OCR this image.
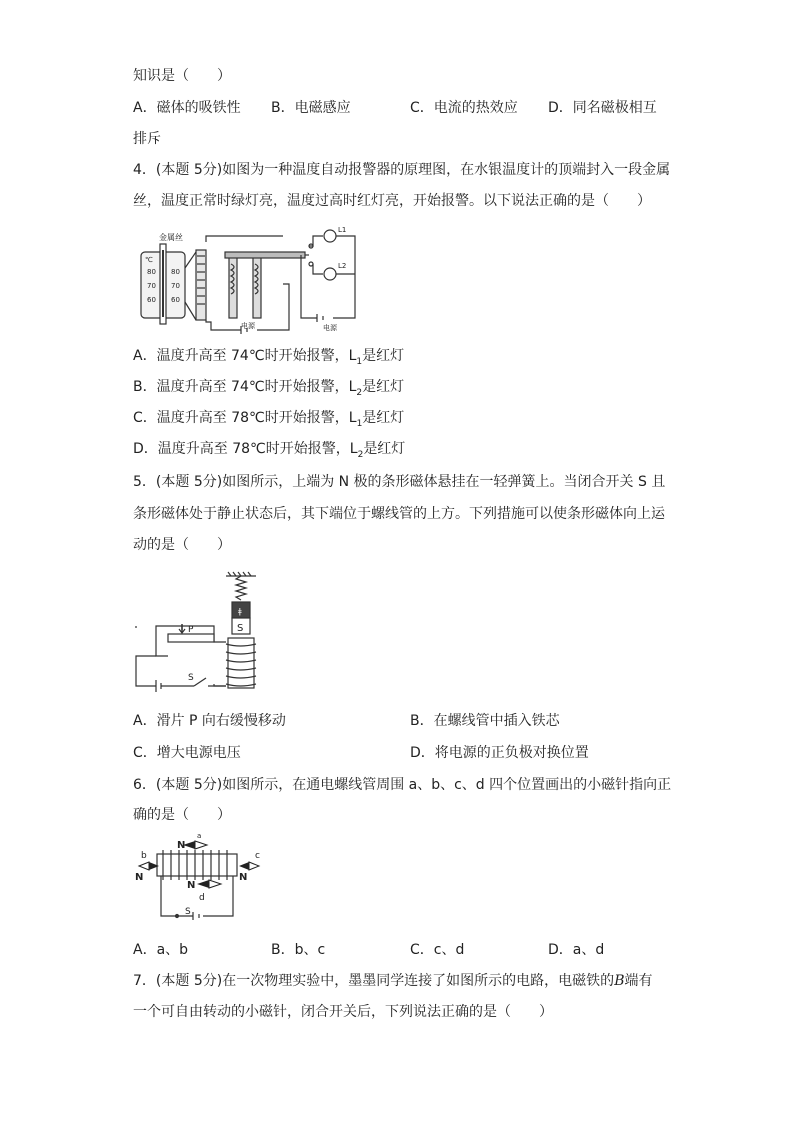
知识是（　　）
A．磁体的吸铁性 B．电磁感应	C．电流的热效应 D．同名磁极相互
排斥
4．(本题 5分)如图为一种温度自动报警器的原理图，在水银温度计的顶端封入一段金属
丝，温度正常时绿灯亮，温度过高时红灯亮，开始报警。以下说法正确的是（　　）
金属丝
℃
80
70
60
80
70
60
L1
L2
电源	电源
A．温度升高至 74℃时开始报警，$L_1$是红灯
B．温度升高至 74℃时开始报警，$L_2$是红灯
C．温度升高至 78℃时开始报警，$L_1$是红灯
D．温度升高至 78℃时开始报警，$L_2$是红灯
5．(本题 5分)如图所示，上端为 N 极的条形磁体悬挂在一轻弹簧上。当闭合开关 S 且
条形磁体处于静止状态后，其下端位于螺线管的上方。下列措施可以使条形磁体向上运
动的是（　　）
ǂ
S
P
S
A．滑片 P 向右缓慢移动	B．在螺线管中插入铁芯
C．增大电源电压	D．将电源的正负极对换位置
6．(本题 5分)如图所示，在通电螺线管周围 a、b、c、d 四个位置画出的小磁针指向正
确的是（　　）
N
a
b
N
c
N
N
d
S
A．a、b	B．b、c	C．c、d	D．a、d
7．(本题 5分)在一次物理实验中，墨墨同学连接了如图所示的电路，电磁铁的B端有
一个可自由转动的小磁针，闭合开关后，下列说法正确的是（　　）
